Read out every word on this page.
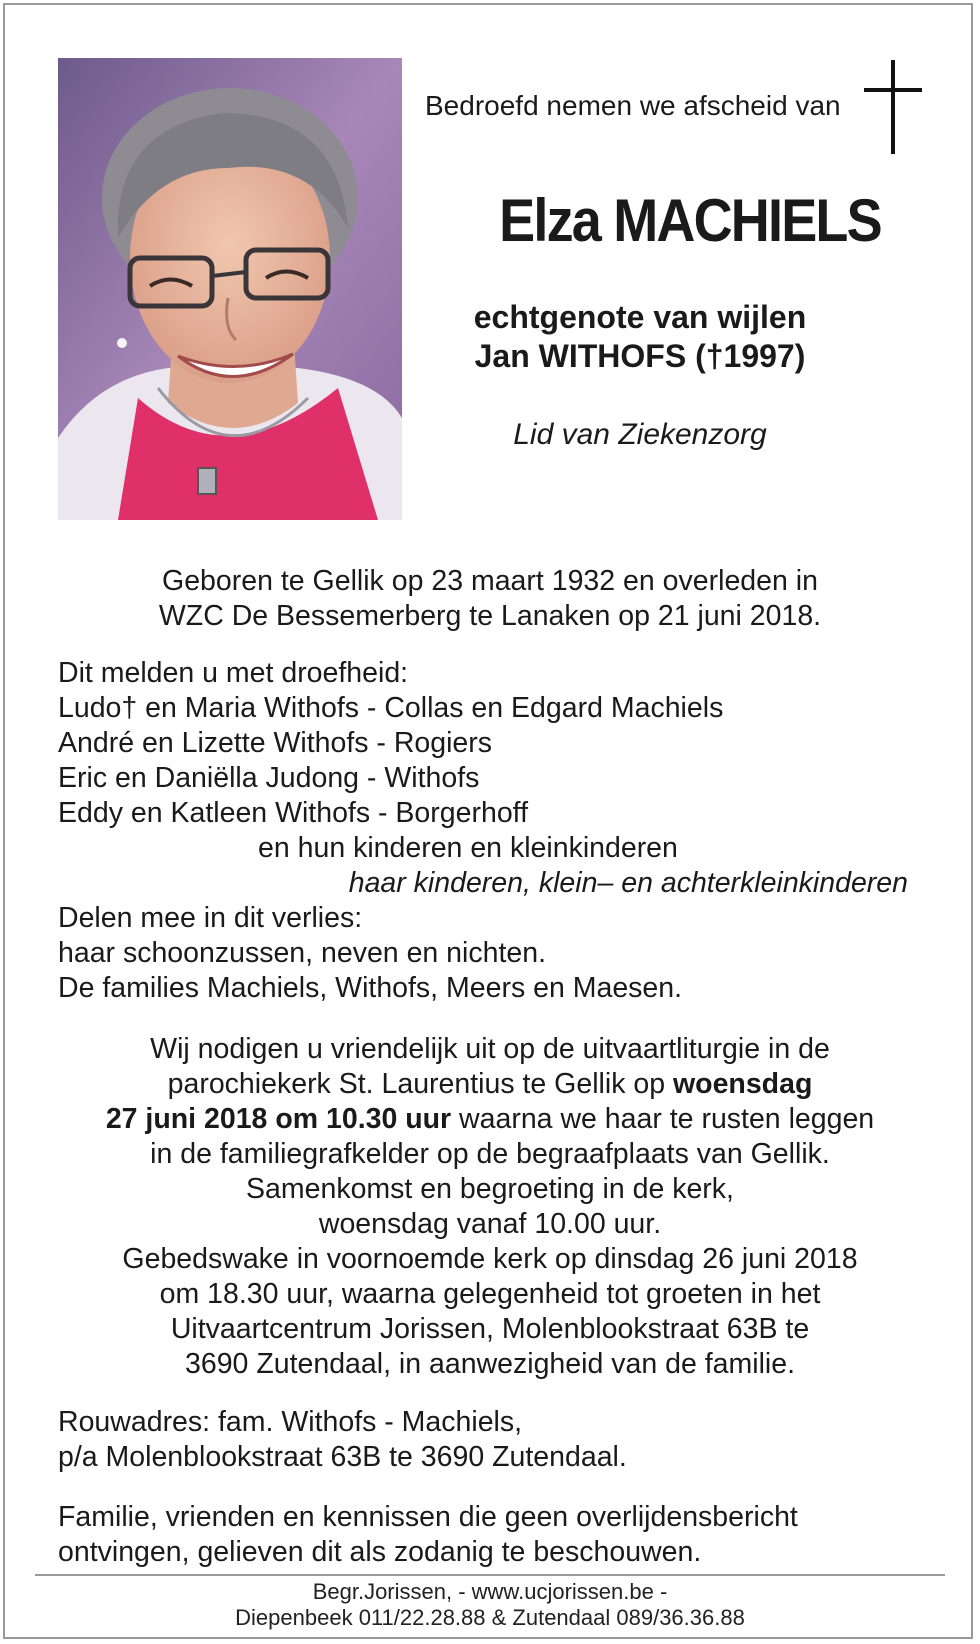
Bedroefd nemen we afscheid van
Elza MACHIELS
echtgenote van wijlen
Jan WITHOFS (†1997)
Lid van Ziekenzorg
Geboren te Gellik op 23 maart 1932 en overleden in
WZC De Bessemerberg te Lanaken op 21 juni 2018.
Dit melden u met droefheid:
Ludo† en Maria Withofs - Collas en Edgard Machiels
André en Lizette Withofs - Rogiers
Eric en Daniëlla Judong - Withofs
Eddy en Katleen Withofs - Borgerhoff
en hun kinderen en kleinkinderen
haar kinderen, klein– en achterkleinkinderen
Delen mee in dit verlies:
haar schoonzussen, neven en nichten.
De families Machiels, Withofs, Meers en Maesen.
Wij nodigen u vriendelijk uit op de uitvaartliturgie in de
parochiekerk St. Laurentius te Gellik op woensdag
27 juni 2018 om 10.30 uur waarna we haar te rusten leggen
in de familiegrafkelder op de begraafplaats van Gellik.
Samenkomst en begroeting in de kerk,
woensdag vanaf 10.00 uur.
Gebedswake in voornoemde kerk op dinsdag 26 juni 2018
om 18.30 uur, waarna gelegenheid tot groeten in het
Uitvaartcentrum Jorissen, Molenblookstraat 63B te
3690 Zutendaal, in aanwezigheid van de familie.
Rouwadres: fam. Withofs - Machiels,
p/a Molenblookstraat 63B te 3690 Zutendaal.
Familie, vrienden en kennissen die geen overlijdensbericht
ontvingen, gelieven dit als zodanig te beschouwen.
Begr.Jorissen, - www.ucjorissen.be -
Diepenbeek 011/22.28.88 & Zutendaal 089/36.36.88
